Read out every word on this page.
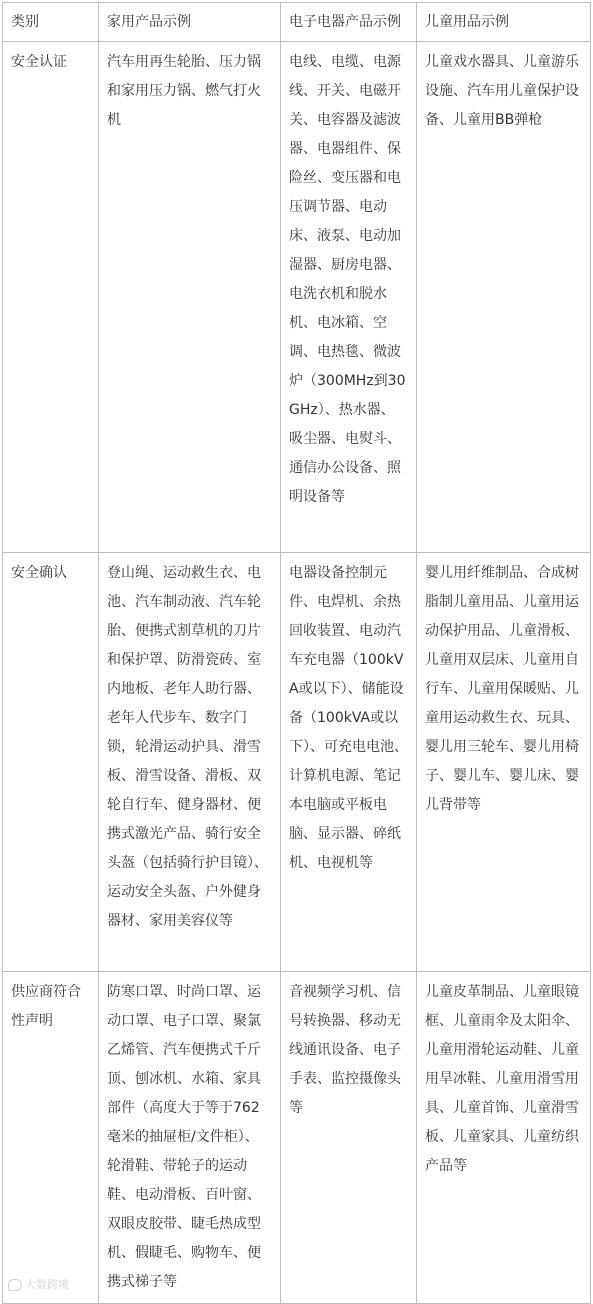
类别	家用产品示例	电子电器产品示例	儿童用品示例
安全认证	汽车用再生轮胎、压力锅和家用压力锅、燃气打火机	电线、电缆、电源线、开关、电磁开关、电容器及滤波器、电器组件、保险丝、变压器和电压调节器、电动床、液泵、电动加湿器、厨房电器、电洗衣机和脱水机、电冰箱、空调、电热毯、微波炉（300MHz到30GHz）、热水器、吸尘器、电熨斗、通信办公设备、照明设备等	儿童戏水器具、儿童游乐设施、汽车用儿童保护设备、儿童用BB弹枪
安全确认	登山绳、运动救生衣、电池、汽车制动液、汽车轮胎、便携式割草机的刀片和保护罩、防滑瓷砖、室内地板、老年人助行器、老年人代步车、数字门锁，轮滑运动护具、滑雪板、滑雪设备、滑板、双轮自行车、健身器材、便携式激光产品、骑行安全头盔（包括骑行护目镜）、运动安全头盔、户外健身器材、家用美容仪等	电器设备控制元件、电焊机、余热回收装置、电动汽车充电器（100kVA或以下）、储能设备（100kVA或以下）、可充电电池、计算机电源、笔记本电脑或平板电脑、显示器、碎纸机、电视机等	婴儿用纤维制品、合成树脂制儿童用品、儿童用运动保护用品、儿童滑板、儿童用双层床、儿童用自行车、儿童用保暖贴、儿童用运动救生衣、玩具、婴儿用三轮车、婴儿用椅子、婴儿车、婴儿床、婴儿背带等
供应商符合性声明	防寒口罩、时尚口罩、运动口罩、电子口罩、聚氯乙烯管、汽车便携式千斤顶、刨冰机、水箱、家具部件（高度大于等于762毫米的抽屉柜/文件柜）、轮滑鞋、带轮子的运动鞋、电动滑板、百叶窗、双眼皮胶带、睫毛热成型机、假睫毛、购物车、便携式梯子等	音视频学习机、信号转换器、移动无线通讯设备、电子手表、监控摄像头等	儿童皮革制品、儿童眼镜框、儿童雨伞及太阳伞、儿童用滑轮运动鞋、儿童用旱冰鞋、儿童用滑雪用具、儿童首饰、儿童滑雪板、儿童家具、儿童纺织产品等
大数跨境
